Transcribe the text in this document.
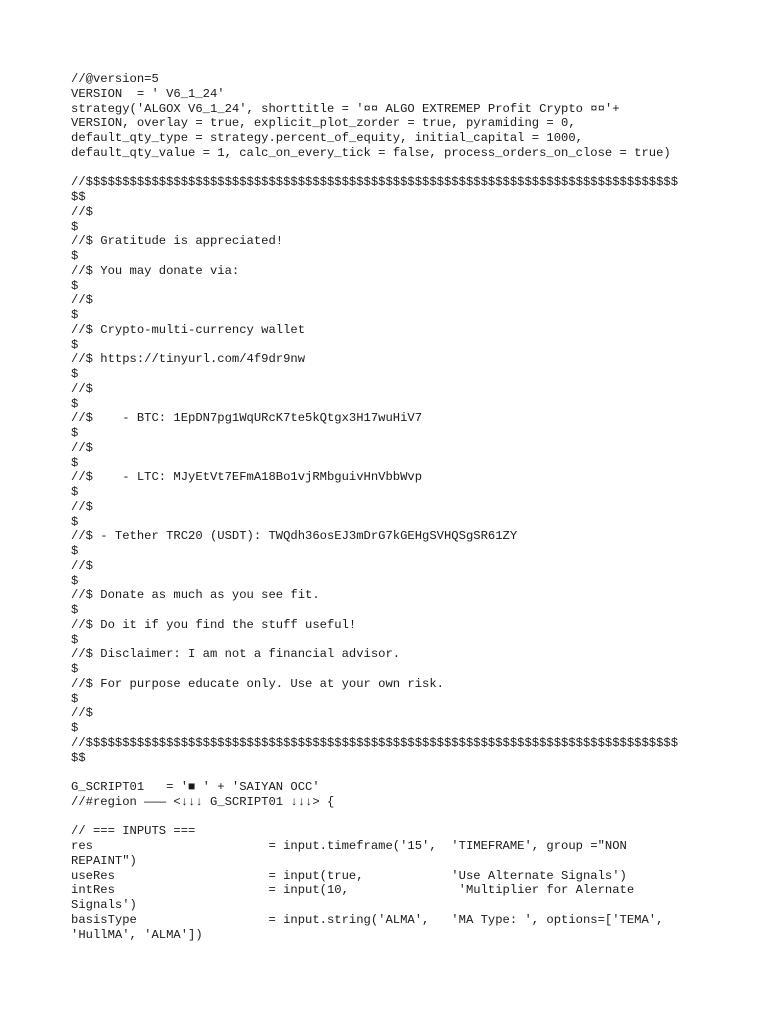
//@version=5
VERSION  = ' V6_1_24'
strategy('ALGOX V6_1_24', shorttitle = '¤¤ ALGO EXTREMEP Profit Crypto ¤¤'+
VERSION, overlay = true, explicit_plot_zorder = true, pyramiding = 0,
default_qty_type = strategy.percent_of_equity, initial_capital = 1000,
default_qty_value = 1, calc_on_every_tick = false, process_orders_on_close = true)
//$$$$$$$$$$$$$$$$$$$$$$$$$$$$$$$$$$$$$$$$$$$$$$$$$$$$$$$$$$$$$$$$$$$$$$$$$$$$$$$$$
$$
//$
$
//$ Gratitude is appreciated!
$
//$ You may donate via:
$
//$
$
//$ Crypto-multi-currency wallet
$
//$ https://tinyurl.com/4f9dr9nw
$
//$
$
//$    - BTC: 1EpDN7pg1WqURcK7te5kQtgx3H17wuHiV7
$
//$
$
//$    - LTC: MJyEtVt7EFmA18Bo1vjRMbguivHnVbbWvp
$
//$
$
//$ - Tether TRC20 (USDT): TWQdh36osEJ3mDrG7kGEHgSVHQSgSR61ZY
$
//$
$
//$ Donate as much as you see fit.
$
//$ Do it if you find the stuff useful!
$
//$ Disclaimer: I am not a financial advisor.
$
//$ For purpose educate only. Use at your own risk.
$
//$
$
//$$$$$$$$$$$$$$$$$$$$$$$$$$$$$$$$$$$$$$$$$$$$$$$$$$$$$$$$$$$$$$$$$$$$$$$$$$$$$$$$$
$$
G_SCRIPT01   = '■ ' + 'SAIYAN OCC'
//#region ——— <↓↓↓ G_SCRIPT01 ↓↓↓> {
// === INPUTS ===
res                        = input.timeframe('15',  'TIMEFRAME', group ="NON
REPAINT")
useRes                     = input(true,            'Use Alternate Signals')
intRes                     = input(10,               'Multiplier for Alernate
Signals')
basisType                  = input.string('ALMA',   'MA Type: ', options=['TEMA',
'HullMA', 'ALMA'])
